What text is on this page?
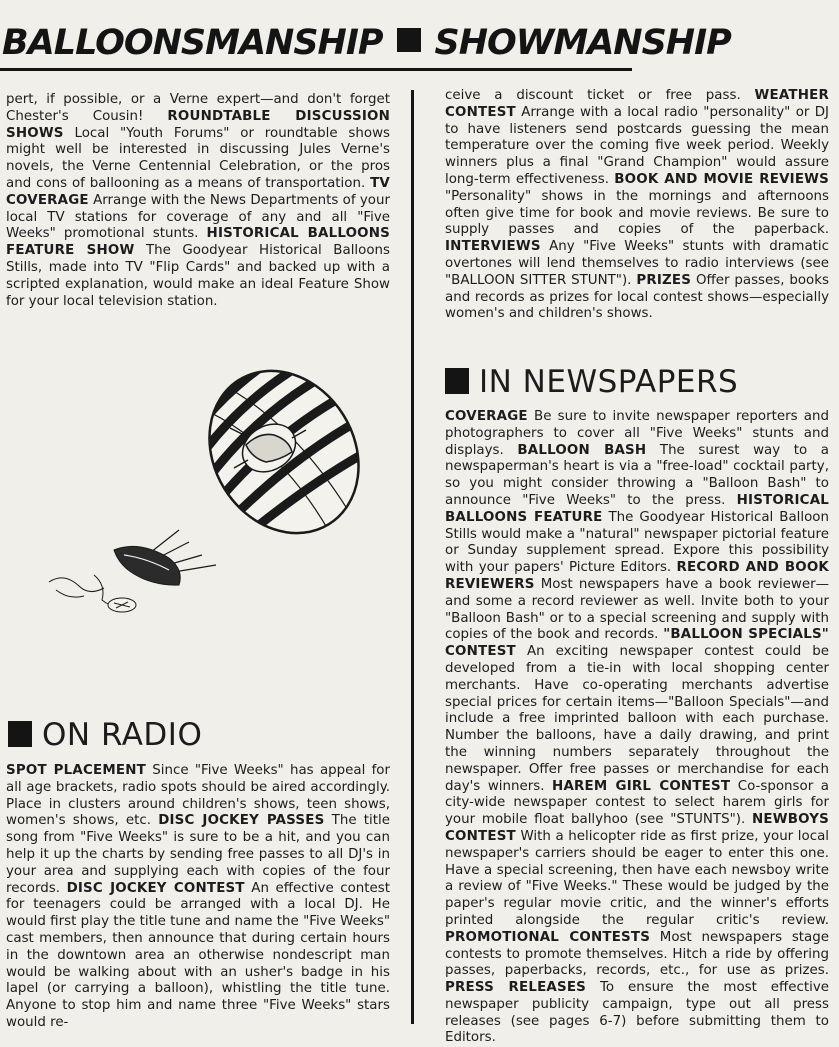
BALLOONSMANSHIP SHOWMANSHIP

pert, if possible, or a Verne expert—and don't forget Chester's Cousin! ROUNDTABLE DISCUSSION SHOWS Local "Youth Forums" or roundtable shows might well be interested in discussing Jules Verne's novels, the Verne Centennial Celebration, or the pros and cons of ballooning as a means of transportation. TV COVERAGE Arrange with the News Departments of your local TV stations for coverage of any and all "Five Weeks" promotional stunts. HISTORICAL BALLOONS FEATURE SHOW The Goodyear Historical Balloons Stills, made into TV "Flip Cards" and backed up with a scripted explanation, would make an ideal Feature Show for your local television station.

ON RADIO

SPOT PLACEMENT Since "Five Weeks" has appeal for all age brackets, radio spots should be aired accordingly. Place in clusters around children's shows, teen shows, women's shows, etc. DISC JOCKEY PASSES The title song from "Five Weeks" is sure to be a hit, and you can help it up the charts by sending free passes to all DJ's in your area and supplying each with copies of the four records. DISC JOCKEY CONTEST An effective contest for teenagers could be arranged with a local DJ. He would first play the title tune and name the "Five Weeks" cast members, then announce that during certain hours in the downtown area an otherwise nondescript man would be walking about with an usher's badge in his lapel (or carrying a balloon), whistling the title tune. Anyone to stop him and name three "Five Weeks" stars would re-

ceive a discount ticket or free pass. WEATHER CONTEST Arrange with a local radio "personality" or DJ to have listeners send postcards guessing the mean temperature over the coming five week period. Weekly winners plus a final "Grand Champion" would assure long-term effectiveness. BOOK AND MOVIE REVIEWS "Personality" shows in the mornings and afternoons often give time for book and movie reviews. Be sure to supply passes and copies of the paperback. INTERVIEWS Any "Five Weeks" stunts with dramatic overtones will lend themselves to radio interviews (see "BALLOON SITTER STUNT"). PRIZES Offer passes, books and records as prizes for local contest shows—especially women's and children's shows.

IN NEWSPAPERS

COVERAGE Be sure to invite newspaper reporters and photographers to cover all "Five Weeks" stunts and displays. BALLOON BASH The surest way to a newspaperman's heart is via a "free-load" cocktail party, so you might consider throwing a "Balloon Bash" to announce "Five Weeks" to the press. HISTORICAL BALLOONS FEATURE The Goodyear Historical Balloon Stills would make a "natural" newspaper pictorial feature or Sunday supplement spread. Expore this possibility with your papers' Picture Editors. RECORD AND BOOK REVIEWERS Most newspapers have a book reviewer—and some a record reviewer as well. Invite both to your "Balloon Bash" or to a special screening and supply with copies of the book and records. "BALLOON SPECIALS" CONTEST An exciting newspaper contest could be developed from a tie-in with local shopping center merchants. Have co-operating merchants advertise special prices for certain items—"Balloon Specials"—and include a free imprinted balloon with each purchase. Number the balloons, have a daily drawing, and print the winning numbers separately throughout the newspaper. Offer free passes or merchandise for each day's winners. HAREM GIRL CONTEST Co-sponsor a city-wide newspaper contest to select harem girls for your mobile float ballyhoo (see "STUNTS"). NEWBOYS CONTEST With a helicopter ride as first prize, your local newspaper's carriers should be eager to enter this one. Have a special screening, then have each newsboy write a review of "Five Weeks." These would be judged by the paper's regular movie critic, and the winner's efforts printed alongside the regular critic's review. PROMOTIONAL CONTESTS Most newspapers stage contests to promote themselves. Hitch a ride by offering passes, paperbacks, records, etc., for use as prizes. PRESS RELEASES To ensure the most effective newspaper publicity campaign, type out all press releases (see pages 6-7) before submitting them to Editors.
